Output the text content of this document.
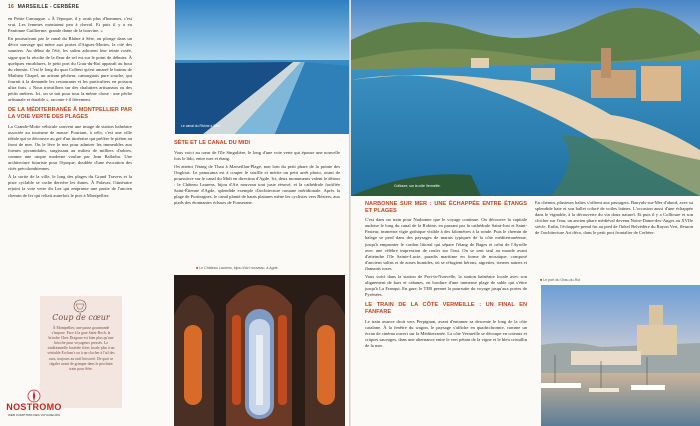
16 MARSEILLE - CERBÈRE

en Petite Camargue. « À l'époque, il y avait plus d'hommes, c'est vrai. Les femmes montaient peu à cheval. Et puis il y a eu Fanfonne Guillierme, grande dame de la bouvine. »

En poursuivant par le canal du Rhône à Sète, on plonge dans un décor sauvage qui mène aux portes d'Aigues-Mortes, la cité des sauniers. Au début de l'été, les salins arborent leur teinte rosée, signe que la récolte de la fleur de sel est sur le point de débuter. À quelques encablures, le petit port du Grau-du-Roi apparaît au bout du chemin. C'est le long du quai Colbert qu'est amarré le bateau de Mathieu Chapel, un artisan pêcheur, camarguais pure souche, qui fournit à la demande les restaurants et les particuliers en poisson ultra frais. « Nous travaillons sur des chalutiers artisanaux ou des petits métiers. Ici, on se tait pour tous la même chose : une pêche artisanale et durable », raconte-t-il fièrement.

DE LA MÉDITERRANÉE À MONTPELLIER PAR LA VOIE VERTE DES PLAGES

La Grande-Motte véhicule souvent une image de station balnéaire associée au tourisme de masse. Pourtant, à vélo, c'est une ville idéale qui se découvre au gré d'un itinéraire qui préfère le piéton au front de mer. On le lève le nez pour admirer les immeubles aux formes pyramidales, surgissant au milieu de milliers d'arbres, comme une utopie moderne voulue par Jean Balladur. Une architecture futuriste pour l'époque, doublée d'une évocation des cités précolombiennes.

À la sortie de la ville, le long des plages du Grand Travers et la piste cyclable se cache derrière les dunes. À Palavas, l'itinéraire rejoint la voie verte du Lez qui emprunte une partie de l'ancien chemin de fer qui reliait autrefois le port à Montpellier.

Coup de cœur
À Montpellier, une pause gourmande s'impose. Face à la gare Saint-Roch, la brioche Chez Dragone est bien plus qu'une brioche pour voyageurs pressés. La traditionnelle fouettée frites locale plus à un véritable Ecclum's ou à un clocher à l'ail des ours, toujours au tarif bioscoté. De quoi se régaler avant de grimper dans le prochain train pour Sète.
NOSTROMO
WEB COMPTOIR DES VOYAGEURS
Le canal du Rhône à Sète.
SÈTE ET LE CANAL DU MIDI

Vous voici au cœur de l'île Singulière, le long d'une voie verte qui épouse une nouvelle fois le lido, entre mer et étang.

On atteint l'étang de Thau à Marseillan-Plage, non loin du petit phare de la pointe des Onglous. Le panorama est à couper le souffle et mérite un petit arrêt photo, avant de poursuivre sur le canal du Midi en direction d'Agde. Ici, deux monuments valent le détour : le Château Laurens, bijou d'Art nouveau tout juste rénové, et la cathédrale fortifiée Saint-Étienne d'Agde, splendide exemple d'architecture romane méridionale. Après la plage de Portiragnes, le canal planté de hauts platanes mène les cyclistes vers Béziers, aux pieds des étonnantes écluses de Fonserane.

■ Le Château Laurens, bijou d'Art nouveau, à Agde.
Collioure, sur la côte Vermeille.
NARBONNE SUR MER : UNE ÉCHAPPÉE ENTRE ÉTANGS ET PLAGES

C'est dans un train pour Narbonne que le voyage continue. On découvre la capitale audoise le long du canal de la Robine, en passant par la cathédrale Saint-Just et Saint-Pasteur, immense vigie gothique visible à des kilomètres à la ronde. Puis le chemin de halage se perd dans des paysages de marais typiques de la côte méditerranéenne, jusqu'à emprunter le cordon littoral qui sépare l'étang de Bages et celui de l'Ayrolle avec une célèbre impression de rouler sur l'eau. On se sent seul au monde avant d'atteindre l'île Sainte-Lucie, paradis maritime en forme de mosaïque, composé d'anciens salins et de zones humides, où se réfugient hérons, aigrettes, sternes naines et flamants roses.

Vous voici dans la station de Port-la-Nouvelle, la station balnéaire locale avec son alignement de bars et cabanes, en bordure d'une immense plage de sable qui s'étire jusqu'à La Franqui. En gare, le TER permet la poursuite du voyage jusqu'aux portes de Pyrénées.

LE TRAIN DE LA CÔTE VERMEILLE : UN FINAL EN FANFARE

Le train avance droit vers Perpignan, avant d'entamer sa descente le long de la côte catalane. À la fenêtre du wagon, le paysage s'affiche en quadrichromie, comme un écran de cinéma ouvert sur la Méditerranée. La côte Vermeille se découpe en coteaux et criques sauvages, dans une alternance entre le vert pétant de la vigne et le bleu cristallin de la mer.

En chemin, plusieurs haltes s'offrent aux passagers. Banyuls-sur-Mer d'abord, avec sa splendide baie et son ballet coloré de voiles latines. L'occasion aussi d'une échappée dans le vignoble, à la découverte du vin doux naturel. Et puis il y a Collioure et son clocher sur l'eau, un ancien phare médiéval devenu Notre-Dame-des-Anges au XVIIe siècle. Enfin, l'échappée prend fin au pied de l'hôtel Belvédère du Rayon Vert, fleuron de l'architecture Art déco, dans le petit port frontalier de Cerbère.

■ Le port du Grau-du-Roi
